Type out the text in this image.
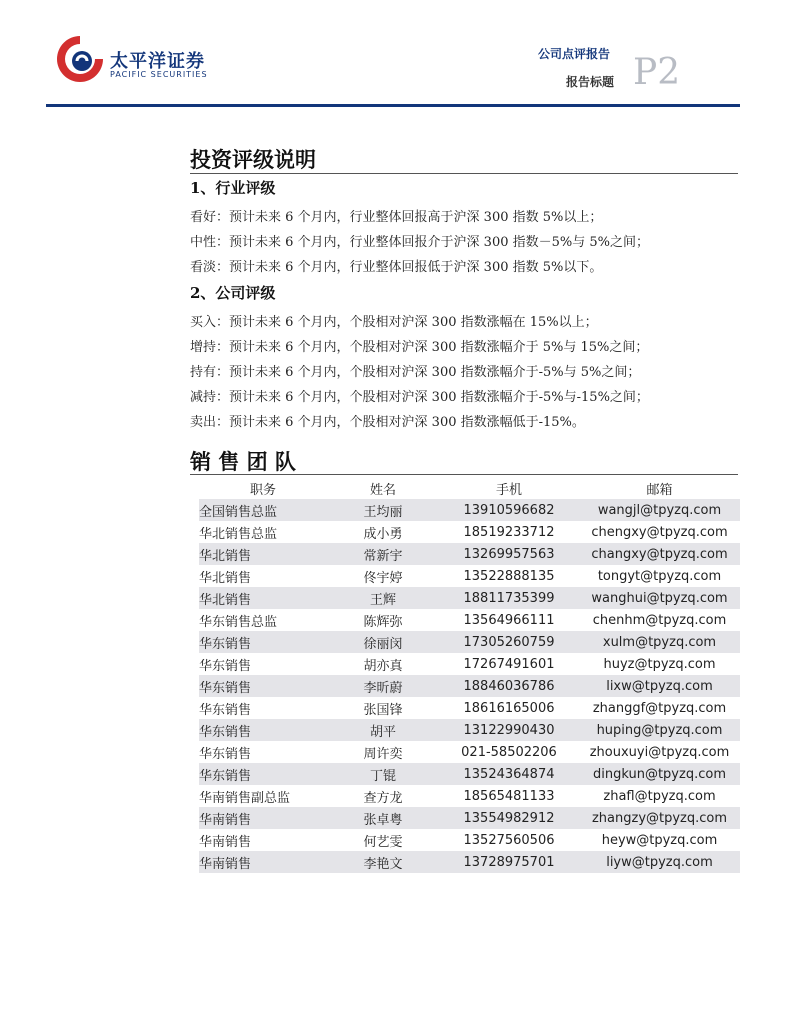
太平洋证券
PACIFIC SECURITIES
公司点评报告
报告标题 P2
投资评级说明
1、行业评级
看好：预计未来 6 个月内，行业整体回报高于沪深 300 指数 5%以上；
中性：预计未来 6 个月内，行业整体回报介于沪深 300 指数－5%与 5%之间；
看淡：预计未来 6 个月内，行业整体回报低于沪深 300 指数 5%以下。
2、公司评级
买入：预计未来 6 个月内，个股相对沪深 300 指数涨幅在 15%以上；
增持：预计未来 6 个月内，个股相对沪深 300 指数涨幅介于 5%与 15%之间；
持有：预计未来 6 个月内，个股相对沪深 300 指数涨幅介于-5%与 5%之间；
减持：预计未来 6 个月内，个股相对沪深 300 指数涨幅介于-5%与-15%之间；
卖出：预计未来 6 个月内，个股相对沪深 300 指数涨幅低于-15%。
销 售 团 队
职务	姓名	手机	邮箱
全国销售总监	王均丽	13910596682	wangjl@tpyzq.com
华北销售总监	成小勇	18519233712	chengxy@tpyzq.com
华北销售	常新宇	13269957563	changxy@tpyzq.com
华北销售	佟宇婷	13522888135	tongyt@tpyzq.com
华北销售	王辉	18811735399	wanghui@tpyzq.com
华东销售总监	陈辉弥	13564966111	chenhm@tpyzq.com
华东销售	徐丽闵	17305260759	xulm@tpyzq.com
华东销售	胡亦真	17267491601	huyz@tpyzq.com
华东销售	李昕蔚	18846036786	lixw@tpyzq.com
华东销售	张国锋	18616165006	zhanggf@tpyzq.com
华东销售	胡平	13122990430	huping@tpyzq.com
华东销售	周许奕	021-58502206	zhouxuyi@tpyzq.com
华东销售	丁锟	13524364874	dingkun@tpyzq.com
华南销售副总监	查方龙	18565481133	zhafl@tpyzq.com
华南销售	张卓粤	13554982912	zhangzy@tpyzq.com
华南销售	何艺雯	13527560506	heyw@tpyzq.com
华南销售	李艳文	13728975701	liyw@tpyzq.com
